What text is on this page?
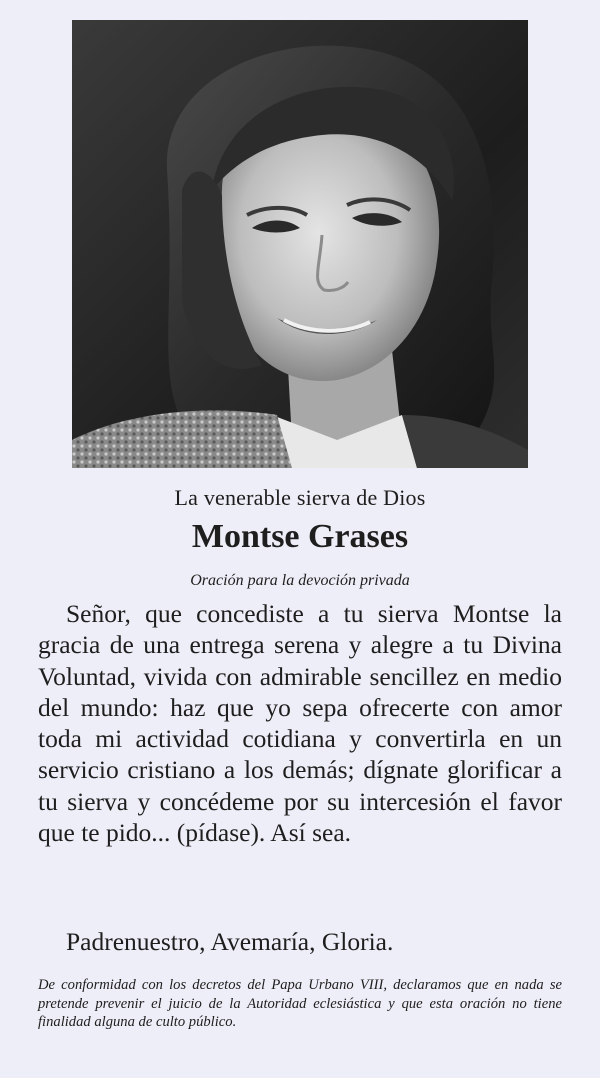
La venerable sierva de Dios
Montse Grases
Oración para la devoción privada

Señor, que concediste a tu sierva Montse la gracia de una entrega serena y alegre a tu Divina Voluntad, vivida con admirable sencillez en medio del mundo: haz que yo sepa ofrecerte con amor toda mi actividad cotidiana y convertirla en un servicio cristiano a los demás; dígnate glorificar a tu sierva y concédeme por su intercesión el favor que te pido... (pídase). Así sea.

Padrenuestro, Avemaría, Gloria.

De conformidad con los decretos del Papa Urbano VIII, declaramos que en nada se pretende prevenir el juicio de la Autoridad eclesiástica y que esta oración no tiene finalidad alguna de culto público.
